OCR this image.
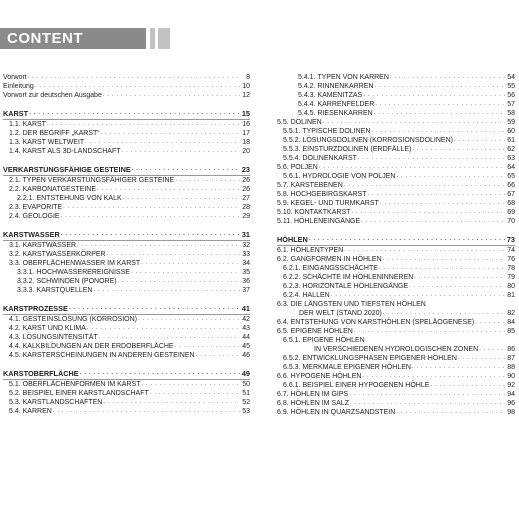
CONTENT
Vorwort . . .	8
Einleitung . . .	10
Vorwort zur deutschen Ausgabe . . .	12
KARST . . .	15
1.1. KARST . . .	16
1.2. DER BEGRIFF „KARST“ . . .	17
1.3. KARST WELTWEIT . . .	18
1.4. KARST ALS 3D-LANDSCHAFT . . .	20
VERKARSTUNGSFÄHIGE GESTEINE . . .	23
2.1. TYPEN VERKARSTUNGSFÄHIGER GESTEINE . . .	26
2.2. KARBONATGESTEINE . . .	26
2.2.1. ENTSTEHUNG VON KALK . . .	27
2.3. EVAPORITE . . .	28
2.4. GEOLOGIE . . .	29
KARSTWASSER . . .	31
3.1. KARSTWASSER . . .	32
3.2. KARSTWASSERKÖRPER . . .	33
3.3. OBERFLÄCHENWASSER IM KARST . . .	34
3.3.1. HOCHWASSEREREIGNISSE . . .	35
3.3.2. SCHWINDEN (PONORE) . . .	36
3.3.3. KARSTQUELLEN . . .	37
KARSTPROZESSE . . .	41
4.1. GESTEINSLÖSUNG (KORROSION) . . .	42
4.2. KARST UND KLIMA . . .	43
4.3. LÖSUNGSINTENSITÄT . . .	44
4.4. KALKBILDUNGEN AN DER ERDOBERFLÄCHE . . .	45
4.5. KARSTERSCHEINUNGEN IN ANDEREN GESTEINEN . . .	46
KARSTOBERFLÄCHE . . .	49
5.1. OBERFLÄCHENFORMEN IM KARST . . .	50
5.2. BEISPIEL EINER KARSTLANDSCHAFT . . .	51
5.3. KARSTLANDSCHAFTEN . . .	52
5.4. KARREN . . .	53
5.4.1. TYPEN VON KARREN . . .	54
5.4.2. RINNENKARREN . . .	55
5.4.3. KAMENITZAS . . .	56
5.4.4. KARRENFELDER . . .	57
5.4.5. RIESENKARREN . . .	58
5.5. DOLINEN . . .	59
5.5.1. TYPISCHE DOLINEN . . .	60
5.5.2. LÖSUNGSDOLINEN (KORROSIONSDOLINEN) . . .	61
5.5.3. EINSTURZDOLINEN (ERDFÄLLE) . . .	62
5.5.4. DOLINENKARST . . .	63
5.6. POLJEN . . .	64
5.6.1. HYDROLOGIE VON POLJEN . . .	65
5.7. KARSTEBENEN . . .	66
5.8. HOCHGEBIRGSKARST . . .	67
5.9. KEGEL- UND TURMKARST . . .	68
5.10. KONTAKTKARST . . .	69
5.11. HÖHLENEINGÄNGE . . .	70
HÖHLEN . . .	73
6.1. HÖHLENTYPEN . . .	74
6.2. GANGFORMEN IN HÖHLEN . . .	76
6.2.1. EINGANGSSCHÄCHTE . . .	78
6.2.2. SCHÄCHTE IM HÖHLENINNEREN . . .	79
6.2.3. HORIZONTALE HÖHLENGÄNGE . . .	80
6.2.4. HALLEN . . .	81
6.3. DIE LÄNGSTEN UND TIEFSTEN HÖHLEN
DER WELT (STAND 2020) . . .	82
6.4. ENTSTEHUNG VON KARSTHÖHLEN (SPELÄOGENESE) . . .	84
6.5. EPIGENE HÖHLEN . . .	85
6.5.1. EPIGENE HÖHLEN
IN VERSCHIEDENEN HYDROLOGISCHEN ZONEN . . .	86
6.5.2. ENTWICKLUNGSPHASEN EPIGENER HÖHLEN . . .	87
6.5.3. MERKMALE EPIGENER HÖHLEN . . .	88
6.6. HYPOGENE HÖHLEN . . .	90
6.6.1. BEISPIEL EINER HYPOGENEN HÖHLE . . .	92
6.7. HÖHLEN IM GIPS . . .	94
6.8. HÖHLEN IM SALZ . . .	96
6.9. HÖHLEN IN QUARZSANDSTEIN . . .	98
